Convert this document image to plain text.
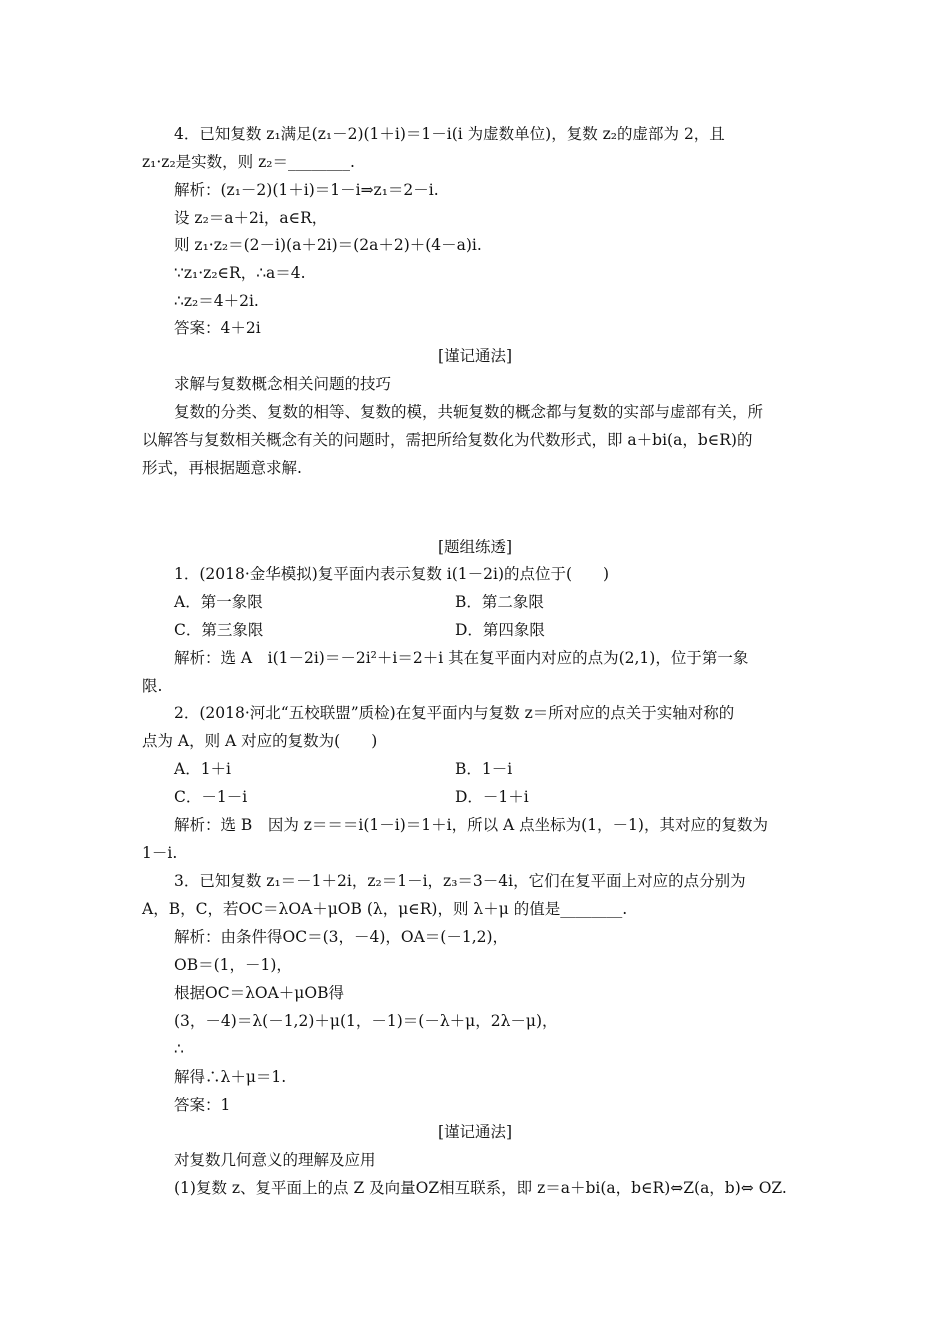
4．已知复数 z₁满足(z₁－2)(1＋i)＝1－i(i 为虚数单位)，复数 z₂的虚部为 2，且
z₁·z₂是实数，则 z₂＝________.
解析：(z₁－2)(1＋i)＝1－i⇒z₁＝2－i.
设 z₂＝a＋2i，a∈R，
则 z₁·z₂＝(2－i)(a＋2i)＝(2a＋2)＋(4－a)i.
∵z₁·z₂∈R，∴a＝4.
∴z₂＝4＋2i.
答案：4＋2i
[谨记通法]
求解与复数概念相关问题的技巧
复数的分类、复数的相等、复数的模，共轭复数的概念都与复数的实部与虚部有关，所
以解答与复数相关概念有关的问题时，需把所给复数化为代数形式，即 a＋bi(a，b∈R)的
形式，再根据题意求解.
[题组练透]
1．(2018·金华模拟)复平面内表示复数 i(1－2i)的点位于(　　)
A．第一象限	B．第二象限
C．第三象限	D．第四象限
解析：选 A　i(1－2i)＝－2i²＋i＝2＋i 其在复平面内对应的点为(2,1)，位于第一象
限.
2．(2018·河北“五校联盟”质检)在复平面内与复数 z＝所对应的点关于实轴对称的
点为 A，则 A 对应的复数为(　　)
A．1＋i	B．1－i
C．－1－i	D．－1＋i
解析：选 B　因为 z＝＝＝i(1－i)＝1＋i，所以 A 点坐标为(1，－1)，其对应的复数为
1－i.
3．已知复数 z₁＝－1＋2i，z₂＝1－i，z₃＝3－4i，它们在复平面上对应的点分别为
A，B，C，若OC＝λOA＋μOB (λ，μ∈R)，则 λ＋μ 的值是________.
解析：由条件得OC＝(3，－4)，OA＝(－1,2)，
OB＝(1，－1)，
根据OC＝λOA＋μOB得
(3，－4)＝λ(－1,2)＋μ(1，－1)＝(－λ＋μ，2λ－μ)，
∴
解得∴λ＋μ＝1.
答案：1
[谨记通法]
对复数几何意义的理解及应用
(1)复数 z、复平面上的点 Z 及向量OZ相互联系，即 z＝a＋bi(a，b∈R)⇔Z(a，b)⇔ OZ.
